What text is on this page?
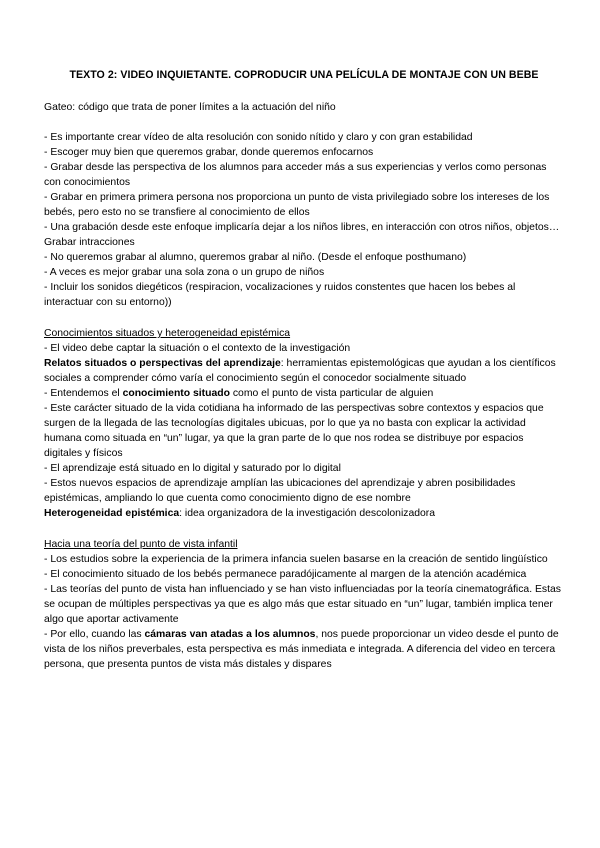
TEXTO 2: VIDEO INQUIETANTE. COPRODUCIR UNA PELÍCULA DE MONTAJE CON UN BEBE

Gateo: código que trata de poner límites a la actuación del niño

- Es importante crear vídeo de alta resolución con sonido nítido y claro y con gran estabilidad

- Escoger muy bien que queremos grabar, donde queremos enfocarnos

- Grabar desde las perspectiva de los alumnos para acceder más a sus experiencias y verlos como personas con conocimientos

- Grabar en primera primera persona nos proporciona un punto de vista privilegiado sobre los intereses de los bebés, pero esto no se transfiere al conocimiento de ellos

- Una grabación desde este enfoque implicaría dejar a los niños libres, en interacción con otros niños, objetos… Grabar intracciones

- No queremos grabar al alumno, queremos grabar al niño. (Desde el enfoque posthumano)

- A veces es mejor grabar una sola zona o un grupo de niños

- Incluir los sonidos diegéticos (respiracion, vocalizaciones y ruidos constentes que hacen los bebes al interactuar con su entorno))

Conocimientos situados y heterogeneidad epistémica

- El video debe captar la situación o el contexto de la investigación

Relatos situados o perspectivas del aprendizaje: herramientas epistemológicas que ayudan a los científicos sociales a comprender cómo varía el conocimiento según el conocedor socialmente situado

- Entendemos el conocimiento situado como el punto de vista particular de alguien

- Este carácter situado de la vida cotidiana ha informado de las perspectivas sobre contextos y espacios que surgen de la llegada de las tecnologías digitales ubicuas, por lo que ya no basta con explicar la actividad humana como situada en “un” lugar, ya que la gran parte de lo que nos rodea se distribuye por espacios digitales y físicos

- El aprendizaje está situado en lo digital y saturado por lo digital

- Estos nuevos espacios de aprendizaje amplían las ubicaciones del aprendizaje y abren posibilidades epistémicas, ampliando lo que cuenta como conocimiento digno de ese nombre

Heterogeneidad epistémica: idea organizadora de la investigación descolonizadora

Hacia una teoría del punto de vista infantil

- Los estudios sobre la experiencia de la primera infancia suelen basarse en la creación de sentido lingüístico

- El conocimiento situado de los bebés permanece paradójicamente al margen de la atención académica

- Las teorías del punto de vista han influenciado y se han visto influenciadas por la teoría cinematográfica. Estas se ocupan de múltiples perspectivas ya que es algo más que estar situado en “un” lugar, también implica tener algo que aportar activamente

- Por ello, cuando las cámaras van atadas a los alumnos, nos puede proporcionar un video desde el punto de vista de los niños preverbales, esta perspectiva es más inmediata e integrada. A diferencia del video en tercera persona, que presenta puntos de vista más distales y dispares
